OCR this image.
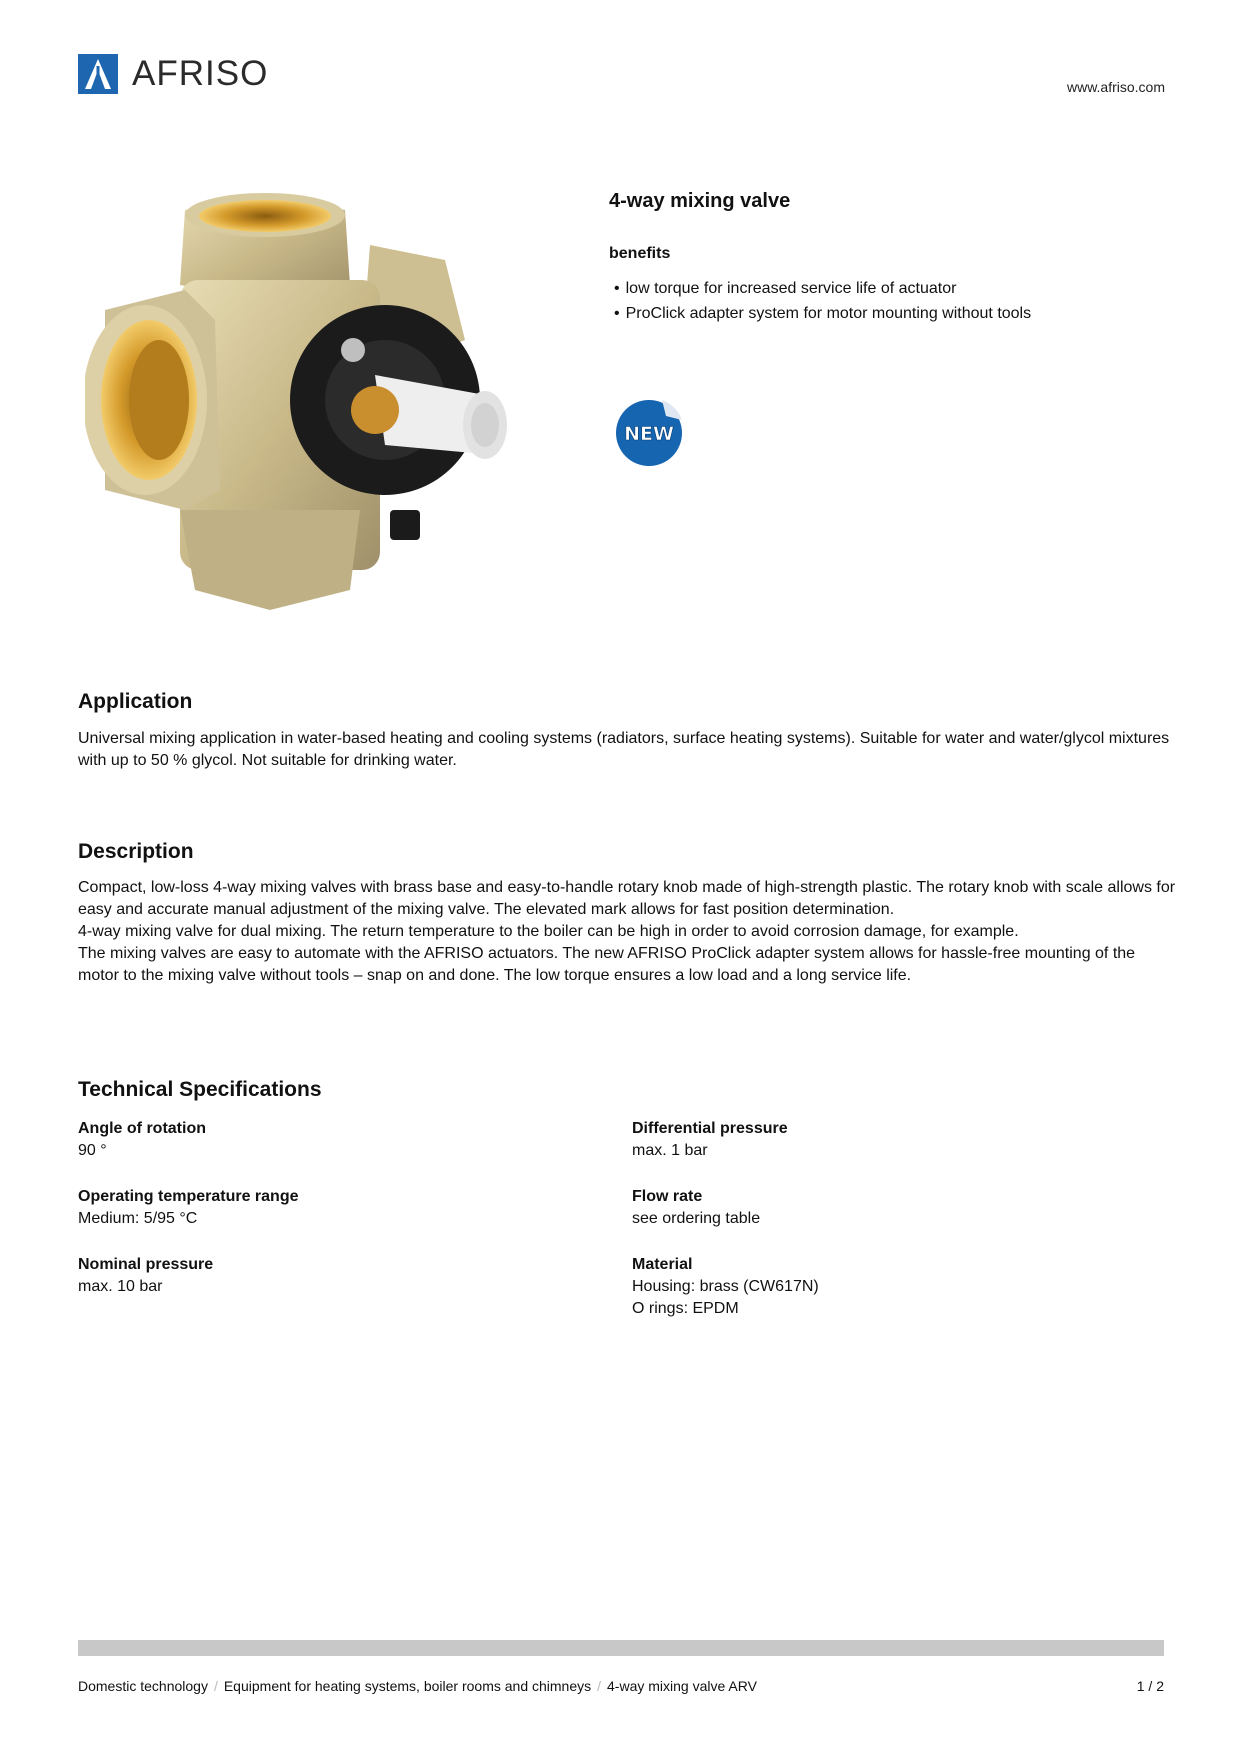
AFRISO	www.afriso.com
4-way mixing valve
benefits
• low torque for increased service life of actuator
• ProClick adapter system for motor mounting without tools
NEW
Application

Universal mixing application in water-based heating and cooling systems (radiators, surface heating systems). Suitable for water and water/glycol mixtures with up to 50 % glycol. Not suitable for drinking water.

Description

Compact, low-loss 4-way mixing valves with brass base and easy-to-handle rotary knob made of high-strength plastic. The rotary knob with scale allows for easy and accurate manual adjustment of the mixing valve. The elevated mark allows for fast position determination.

4-way mixing valve for dual mixing. The return temperature to the boiler can be high in order to avoid corrosion damage, for example.

The mixing valves are easy to automate with the AFRISO actuators. The new AFRISO ProClick adapter system allows for hassle-free mounting of the motor to the mixing valve without tools – snap on and done. The low torque ensures a low load and a long service life.

Technical Specifications
Angle of rotation
90 °
Operating temperature range
Medium: 5/95 °C
Nominal pressure
max. 10 bar
Differential pressure
max. 1 bar
Flow rate
see ordering table
Material
Housing: brass (CW617N)
O rings: EPDM
Domestic technology / Equipment for heating systems, boiler rooms and chimneys / 4-way mixing valve ARV	1 / 2
